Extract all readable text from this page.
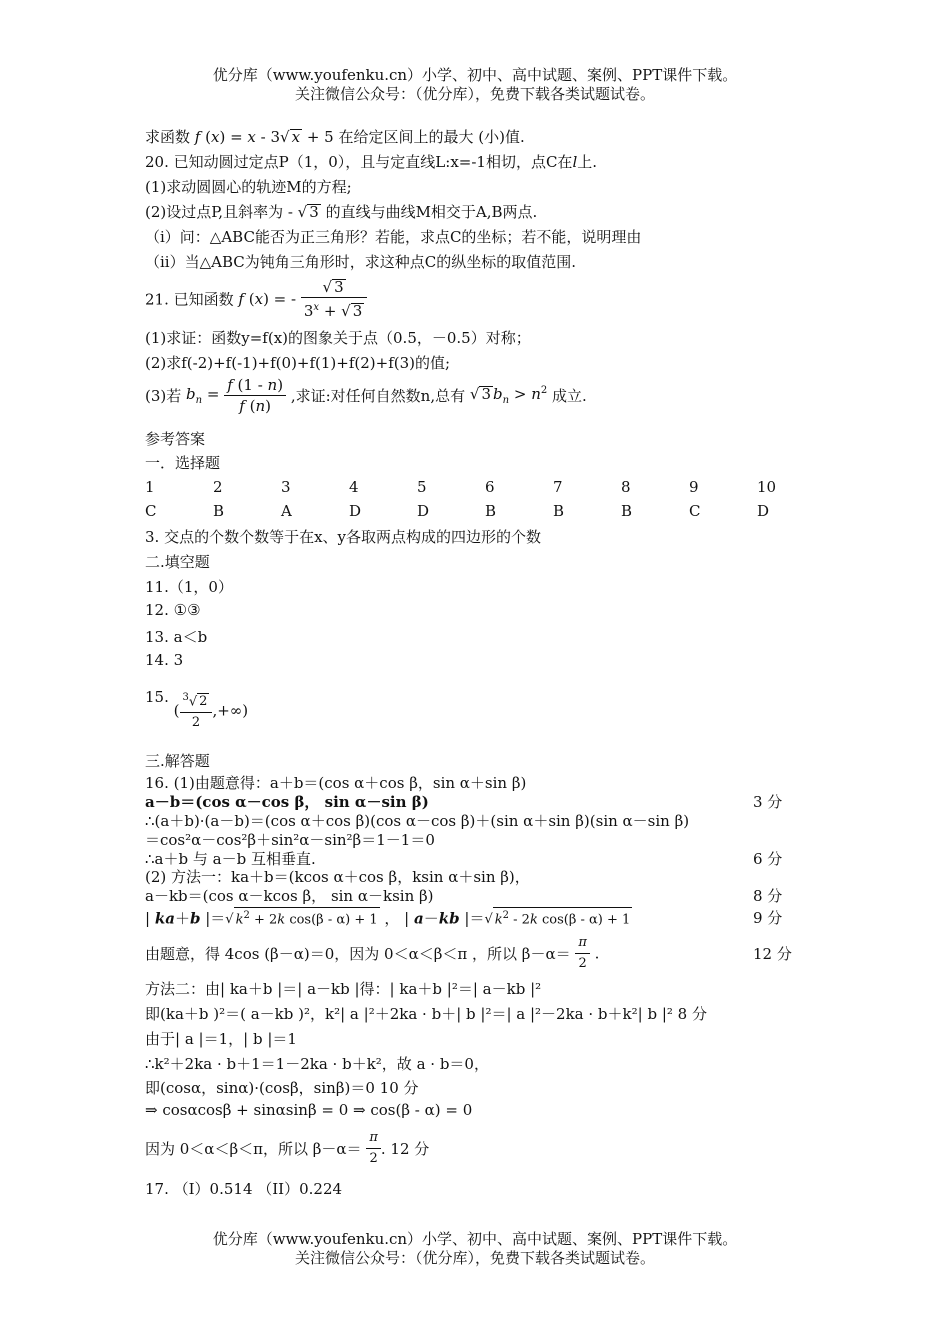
优分库（www.youfenku.cn）小学、初中、高中试题、案例、PPT课件下载。
关注微信公众号：（优分库），免费下载各类试题试卷。
求函数 f (x) = x - 3√ x + 5 在给定区间上的最大 (小)值.
20. 已知动圆过定点P（1，0），且与定直线L:x=-1相切，点C在l上.
(1)求动圆圆心的轨迹M的方程;
(2)设过点P,且斜率为 - √ 3 的直线与曲线M相交于A,B两点.
（i）问：△ABC能否为正三角形？若能，求点C的坐标；若不能，说明理由
（ii）当△ABC为钝角三角形时，求这种点C的纵坐标的取值范围.
21. 已知函数 f (x) = - $\frac{√ 3}{3^x + √ 3}$
(1)求证：函数y=f(x)的图象关于点（0.5，－0.5）对称；
(2)求f(-2)+f(-1)+f(0)+f(1)+f(2)+f(3)的值;
(3)若 $b_n = \frac{f (1 - n)}{f (n)}$ ,求证:对任何自然数n,总有 √ 3 $b_n > n^2$ 成立.
参考答案
一．选择题
1	2	3	4	5	6	7	8	9	10
C	B	A	D	D	B	B	B	C	D
3. 交点的个数个数等于在x、y各取两点构成的四边形的个数
二.填空题
11.（1，0）
12. ①③
13. a＜b
14. 3
15. ( $\frac{^3√ 2}{2}$ ,+∞)
三.解答题
16. (1)由题意得：a＋b＝(cos α＋cos β，sin α＋sin β)
a－b＝(cos α－cos β， sin α－sin β)	3 分
∴(a＋b)·(a－b)＝(cos α＋cos β)(cos α－cos β)＋(sin α＋sin β)(sin α－sin β)
＝cos²α－cos²β＋sin²α－sin²β＝1－1＝0
∴a＋b 与 a－b 互相垂直.	6 分
(2) 方法一：ka＋b＝(kcos α＋cos β，ksin α＋sin β)，
a－kb＝(cos α－kcos β， sin α－ksin β)	8 分
| ka＋b |＝√ $k^2 + 2k$ cos(β - α) + 1 ， | a－kb |＝√ $k^2 - 2k$ cos(β - α) + 1	9 分
由题意，得 4cos (β－α)＝0，因为 0＜α＜β＜π ，所以 $\beta-\alpha= \frac{\pi}{2}$ .	12 分
方法二：由| ka＋b |＝| a－kb |得：| ka＋b |²＝| a－kb |²
即(ka＋b )²＝( a－kb )²，k²| a |²＋2ka · b＋| b |²＝| a |²－2ka · b＋k²| b |² 8 分
由于| a |＝1，| b |＝1
∴k²＋2ka · b＋1＝1－2ka · b＋k²，故 a · b＝0，
即(cosα，sinα)·(cosβ，sinβ)＝0 10 分
⇒ cosαcosβ + sinαsinβ = 0 ⇒ cos(β - α) = 0
因为 0＜α＜β＜π，所以 $\beta-\alpha= \frac{\pi}{2}$ . 12 分
17. （I）0.514 （II）0.224
优分库（www.youfenku.cn）小学、初中、高中试题、案例、PPT课件下载。
关注微信公众号：（优分库），免费下载各类试题试卷。
